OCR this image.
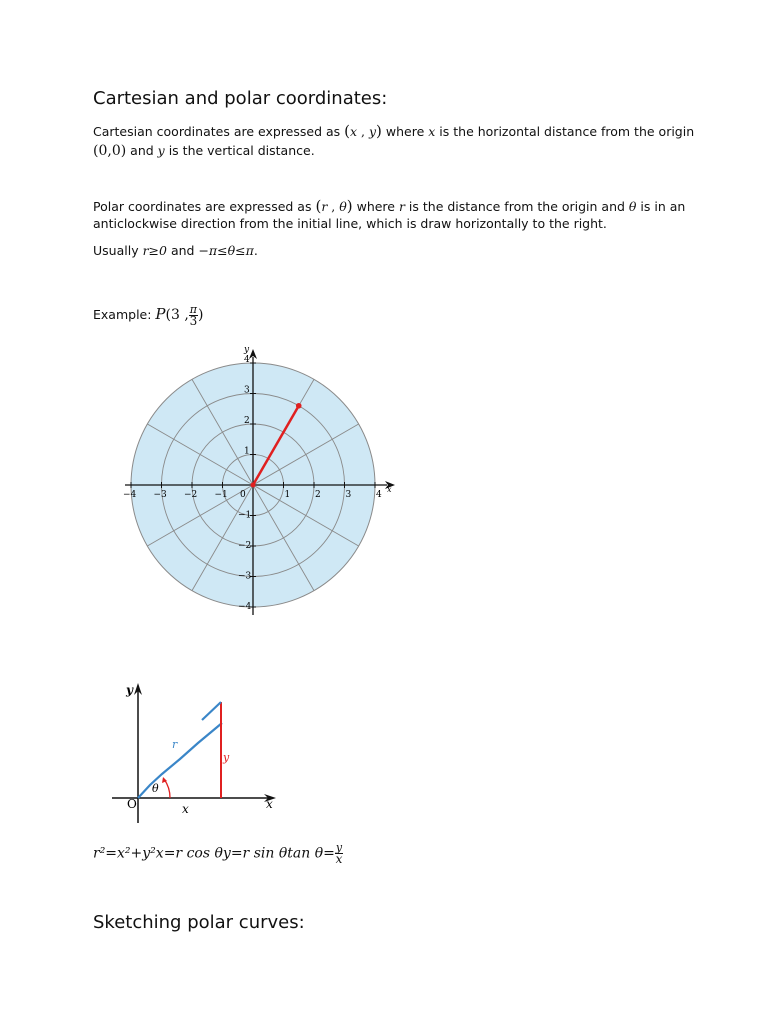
Cartesian and polar coordinates:
Cartesian coordinates are expressed as (x , y) where x is the horizontal distance from the origin
(0,0) and y is the vertical distance.
Polar coordinates are expressed as (r , θ) where r is the distance from the origin and θ is in an
anticlockwise direction from the initial line, which is draw horizontally to the right.
Usually r≥0 and −π≤θ≤π.
Example: P(3 , $\frac{\pi}{3}$ )
x
y
−4 −3 −2 −1 0	1	2	3	4
1
2
3
4
−1
−2
−3
−4
y
x
O
y
r
x
θ
r²=x²+y²x=r cos θy=r sin θtan $\theta= \frac{y}{x}$
Sketching polar curves:
